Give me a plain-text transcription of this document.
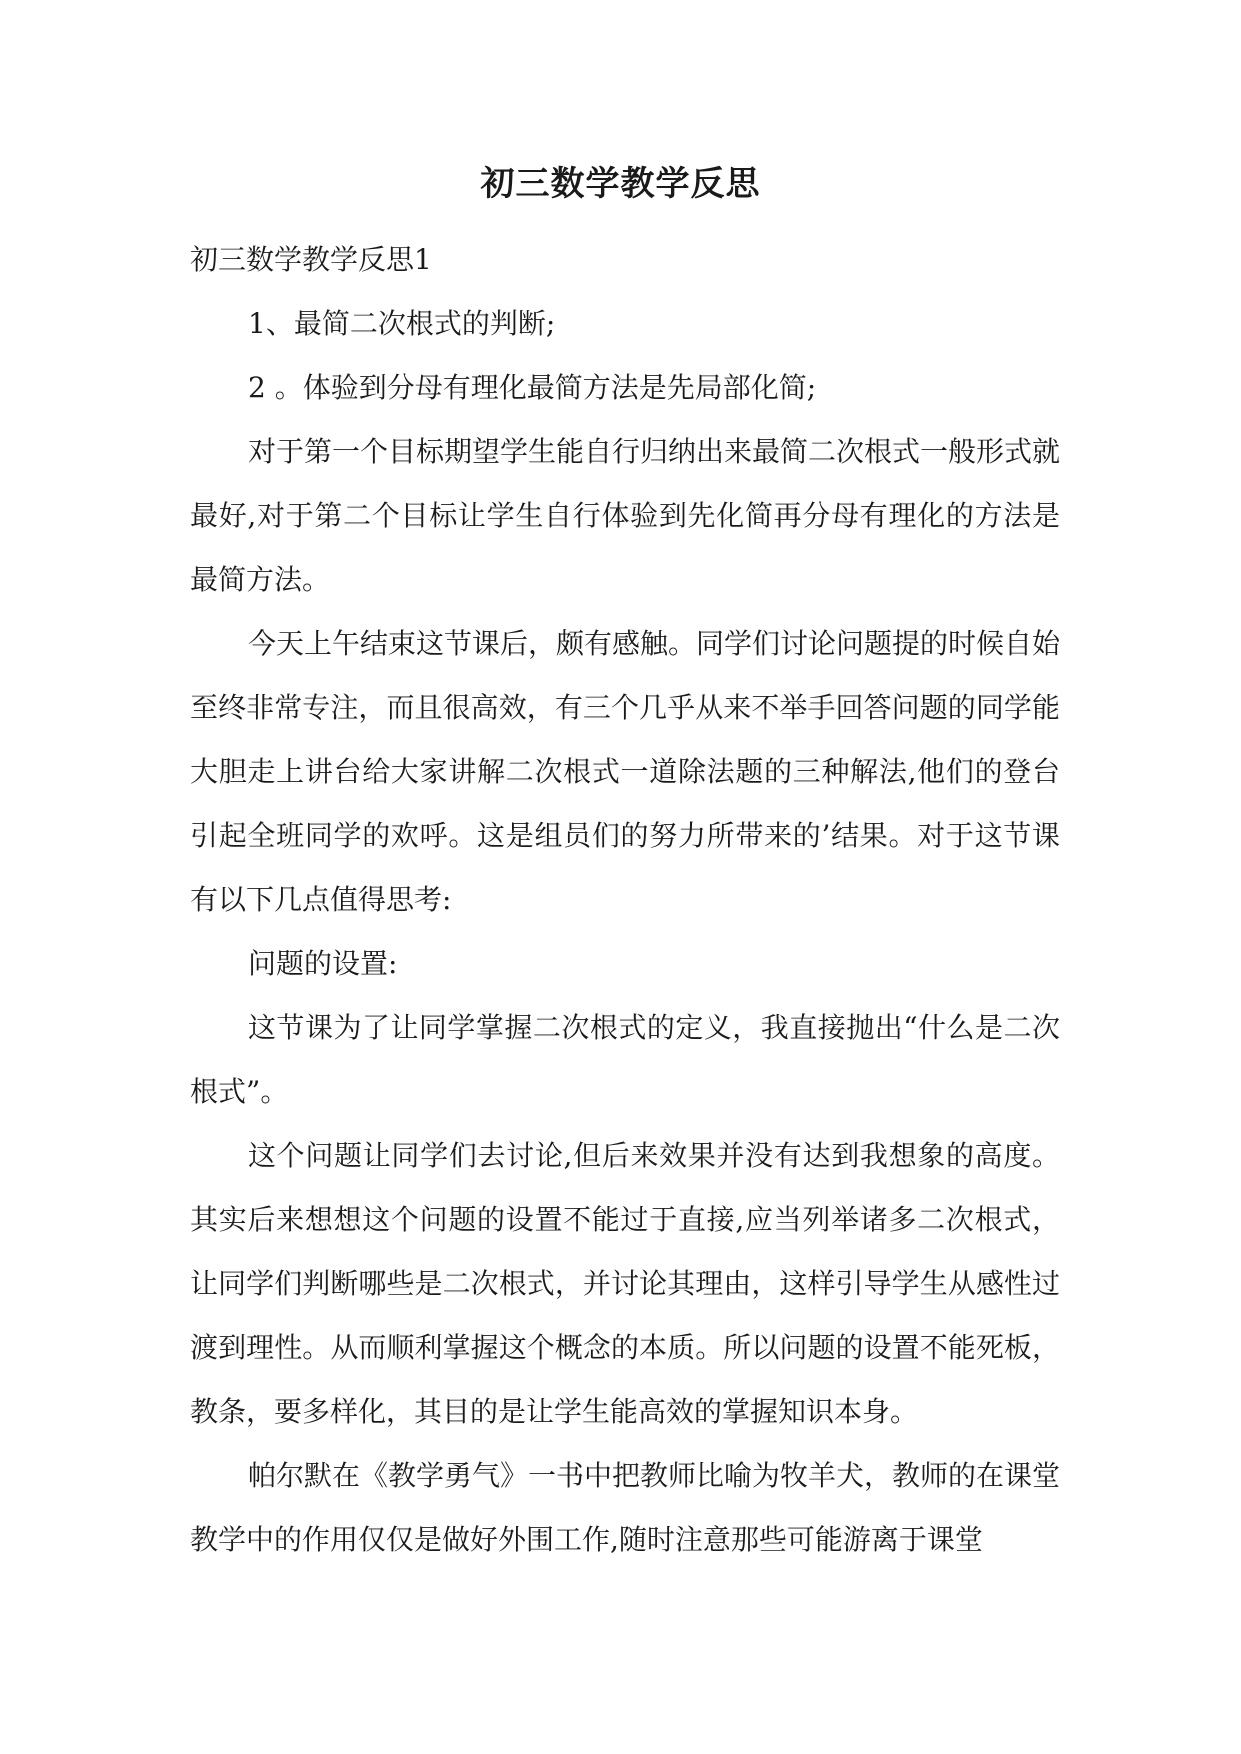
初三数学教学反思

初三数学教学反思1

1、最简二次根式的判断;

2 。体验到分母有理化最简方法是先局部化简;

对于第一个目标期望学生能自行归纳出来最简二次根式一般形式就最好,对于第二个目标让学生自行体验到先化简再分母有理化的方法是最简方法。

今天上午结束这节课后，颇有感触。同学们讨论问题提的时候自始至终非常专注，而且很高效，有三个几乎从来不举手回答问题的同学能大胆走上讲台给大家讲解二次根式一道除法题的三种解法,他们的登台引起全班同学的欢呼。这是组员们的努力所带来的’结果。对于这节课有以下几点值得思考:

问题的设置:

这节课为了让同学掌握二次根式的定义，我直接抛出“什么是二次根式”。

这个问题让同学们去讨论,但后来效果并没有达到我想象的高度。其实后来想想这个问题的设置不能过于直接,应当列举诸多二次根式，让同学们判断哪些是二次根式，并讨论其理由，这样引导学生从感性过渡到理性。从而顺利掌握这个概念的本质。所以问题的设置不能死板，教条，要多样化，其目的是让学生能高效的掌握知识本身。

帕尔默在《教学勇气》一书中把教师比喻为牧羊犬，教师的在课堂教学中的作用仅仅是做好外围工作,随时注意那些可能游离于课堂
